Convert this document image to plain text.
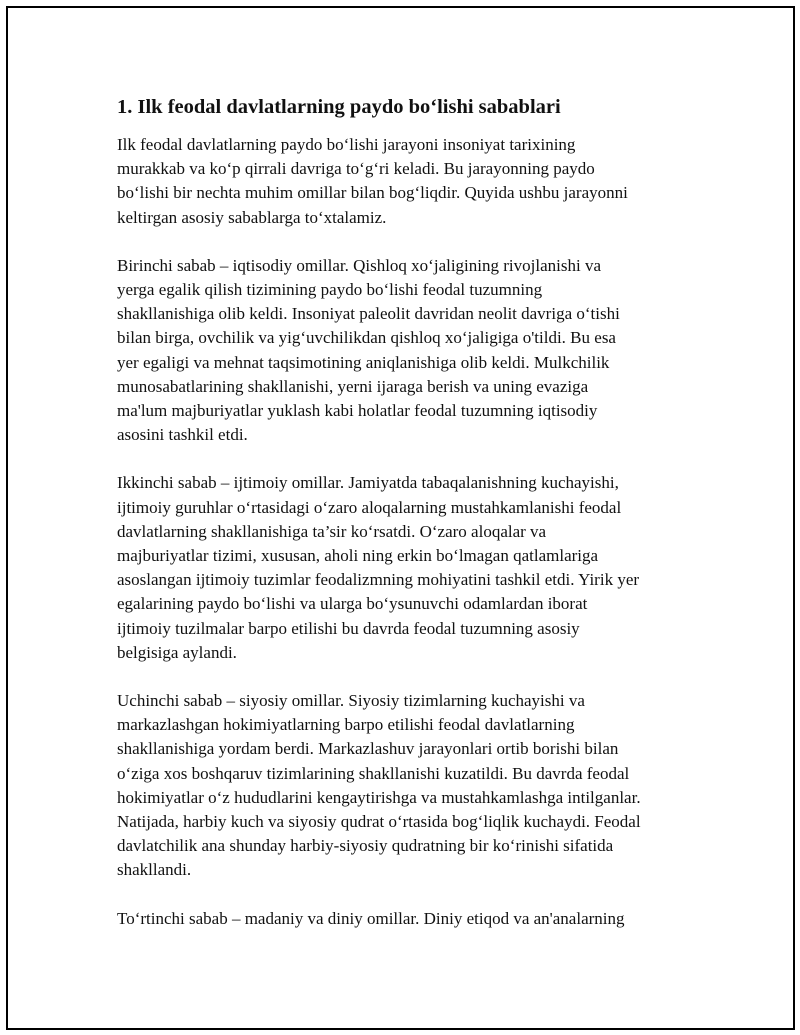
1. Ilk feodal davlatlarning paydo bo‘lishi sabablari

Ilk feodal davlatlarning paydo bo‘lishi jarayoni insoniyat tarixining
murakkab va ko‘p qirrali davriga to‘g‘ri keladi. Bu jarayonning paydo
bo‘lishi bir nechta muhim omillar bilan bog‘liqdir. Quyida ushbu jarayonni
keltirgan asosiy sabablarga to‘xtalamiz.

Birinchi sabab – iqtisodiy omillar. Qishloq xo‘jaligining rivojlanishi va
yerga egalik qilish tizimining paydo bo‘lishi feodal tuzumning
shakllanishiga olib keldi. Insoniyat paleolit davridan neolit davriga o‘tishi
bilan birga, ovchilik va yig‘uvchilikdan qishloq xo‘jaligiga o'tildi. Bu esa
yer egaligi va mehnat taqsimotining aniqlanishiga olib keldi. Mulkchilik
munosabatlarining shakllanishi, yerni ijaraga berish va uning evaziga
ma'lum majburiyatlar yuklash kabi holatlar feodal tuzumning iqtisodiy
asosini tashkil etdi.

Ikkinchi sabab – ijtimoiy omillar. Jamiyatda tabaqalanishning kuchayishi,
ijtimoiy guruhlar o‘rtasidagi o‘zaro aloqalarning mustahkamlanishi feodal
davlatlarning shakllanishiga ta’sir ko‘rsatdi. O‘zaro aloqalar va
majburiyatlar tizimi, xususan, aholi ning erkin bo‘lmagan qatlamlariga
asoslangan ijtimoiy tuzimlar feodalizmning mohiyatini tashkil etdi. Yirik yer
egalarining paydo bo‘lishi va ularga bo‘ysunuvchi odamlardan iborat
ijtimoiy tuzilmalar barpo etilishi bu davrda feodal tuzumning asosiy
belgisiga aylandi.

Uchinchi sabab – siyosiy omillar. Siyosiy tizimlarning kuchayishi va
markazlashgan hokimiyatlarning barpo etilishi feodal davlatlarning
shakllanishiga yordam berdi. Markazlashuv jarayonlari ortib borishi bilan
o‘ziga xos boshqaruv tizimlarining shakllanishi kuzatildi. Bu davrda feodal
hokimiyatlar o‘z hududlarini kengaytirishga va mustahkamlashga intilganlar.
Natijada, harbiy kuch va siyosiy qudrat o‘rtasida bog‘liqlik kuchaydi. Feodal
davlatchilik ana shunday harbiy-siyosiy qudratning bir ko‘rinishi sifatida
shakllandi.

To‘rtinchi sabab – madaniy va diniy omillar. Diniy etiqod va an'analarning
